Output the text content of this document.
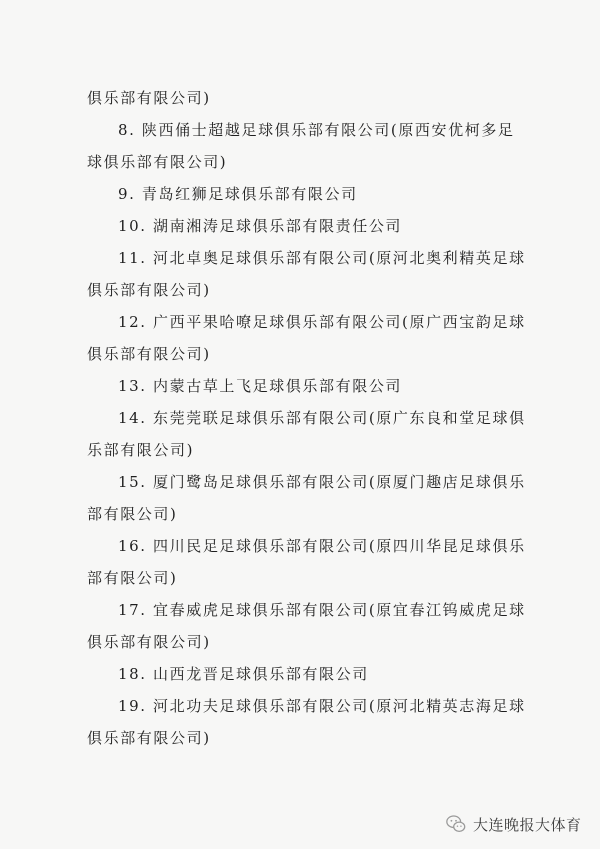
俱乐部有限公司)
8. 陕西俑士超越足球俱乐部有限公司(原西安优柯多足
球俱乐部有限公司)
9. 青岛红狮足球俱乐部有限公司
10. 湖南湘涛足球俱乐部有限责任公司
11. 河北卓奥足球俱乐部有限公司(原河北奥利精英足球
俱乐部有限公司)
12. 广西平果哈嘹足球俱乐部有限公司(原广西宝韵足球
俱乐部有限公司)
13. 内蒙古草上飞足球俱乐部有限公司
14. 东莞莞联足球俱乐部有限公司(原广东良和堂足球俱
乐部有限公司)
15. 厦门鹭岛足球俱乐部有限公司(原厦门趣店足球俱乐
部有限公司)
16. 四川民足足球俱乐部有限公司(原四川华昆足球俱乐
部有限公司)
17. 宜春威虎足球俱乐部有限公司(原宜春江钨威虎足球
俱乐部有限公司)
18. 山西龙晋足球俱乐部有限公司
19. 河北功夫足球俱乐部有限公司(原河北精英志海足球
俱乐部有限公司)
大连晚报大体育
